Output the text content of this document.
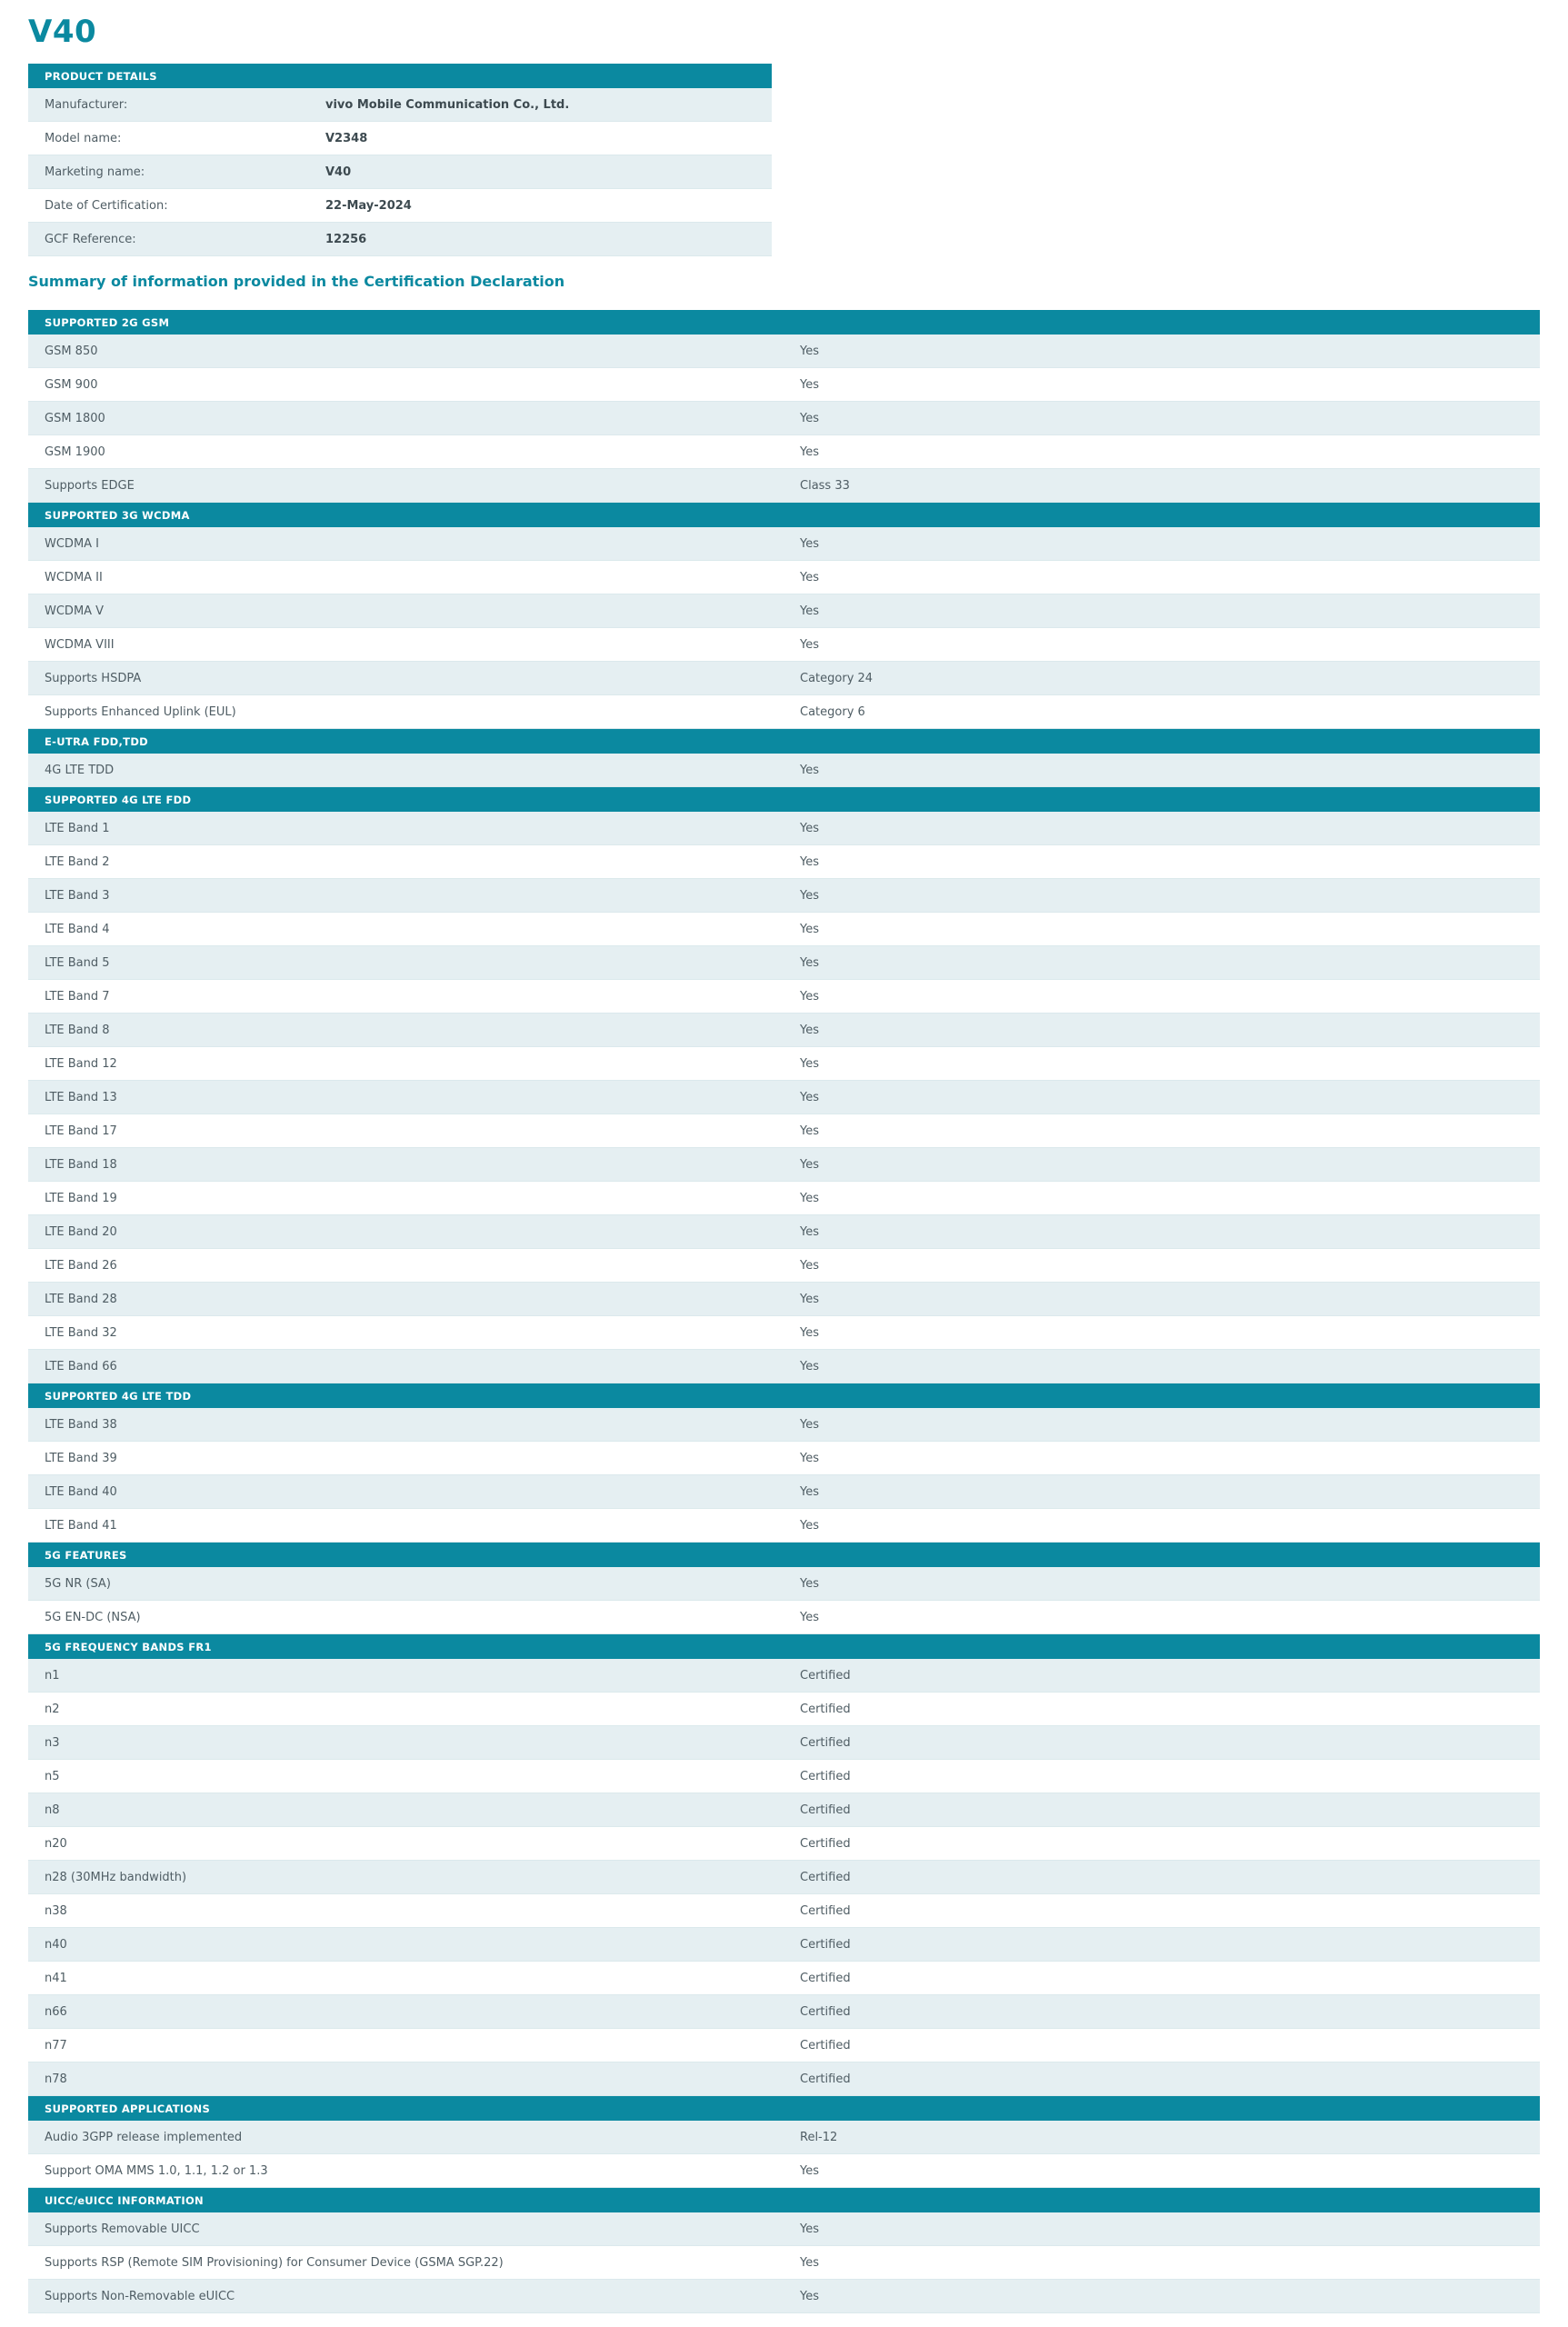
V40
PRODUCT DETAILS	
Manufacturer:	vivo Mobile Communication Co., Ltd.
Model name:	V2348
Marketing name:	V40
Date of Certification:	22-May-2024
GCF Reference:	12256
Summary of information provided in the Certification Declaration
SUPPORTED 2G GSM	
GSM 850	Yes
GSM 900	Yes
GSM 1800	Yes
GSM 1900	Yes
Supports EDGE	Class 33
SUPPORTED 3G WCDMA	
WCDMA I	Yes
WCDMA II	Yes
WCDMA V	Yes
WCDMA VIII	Yes
Supports HSDPA	Category 24
Supports Enhanced Uplink (EUL)	Category 6
E-UTRA FDD,TDD	
4G LTE TDD	Yes
SUPPORTED 4G LTE FDD	
LTE Band 1	Yes
LTE Band 2	Yes
LTE Band 3	Yes
LTE Band 4	Yes
LTE Band 5	Yes
LTE Band 7	Yes
LTE Band 8	Yes
LTE Band 12	Yes
LTE Band 13	Yes
LTE Band 17	Yes
LTE Band 18	Yes
LTE Band 19	Yes
LTE Band 20	Yes
LTE Band 26	Yes
LTE Band 28	Yes
LTE Band 32	Yes
LTE Band 66	Yes
SUPPORTED 4G LTE TDD	
LTE Band 38	Yes
LTE Band 39	Yes
LTE Band 40	Yes
LTE Band 41	Yes
5G FEATURES	
5G NR (SA)	Yes
5G EN-DC (NSA)	Yes
5G FREQUENCY BANDS FR1	
n1	Certified
n2	Certified
n3	Certified
n5	Certified
n8	Certified
n20	Certified
n28 (30MHz bandwidth)	Certified
n38	Certified
n40	Certified
n41	Certified
n66	Certified
n77	Certified
n78	Certified
SUPPORTED APPLICATIONS	
Audio 3GPP release implemented	Rel-12
Support OMA MMS 1.0, 1.1, 1.2 or 1.3	Yes
UICC/eUICC INFORMATION	
Supports Removable UICC	Yes
Supports RSP (Remote SIM Provisioning) for Consumer Device (GSMA SGP.22)	Yes
Supports Non-Removable eUICC	Yes
